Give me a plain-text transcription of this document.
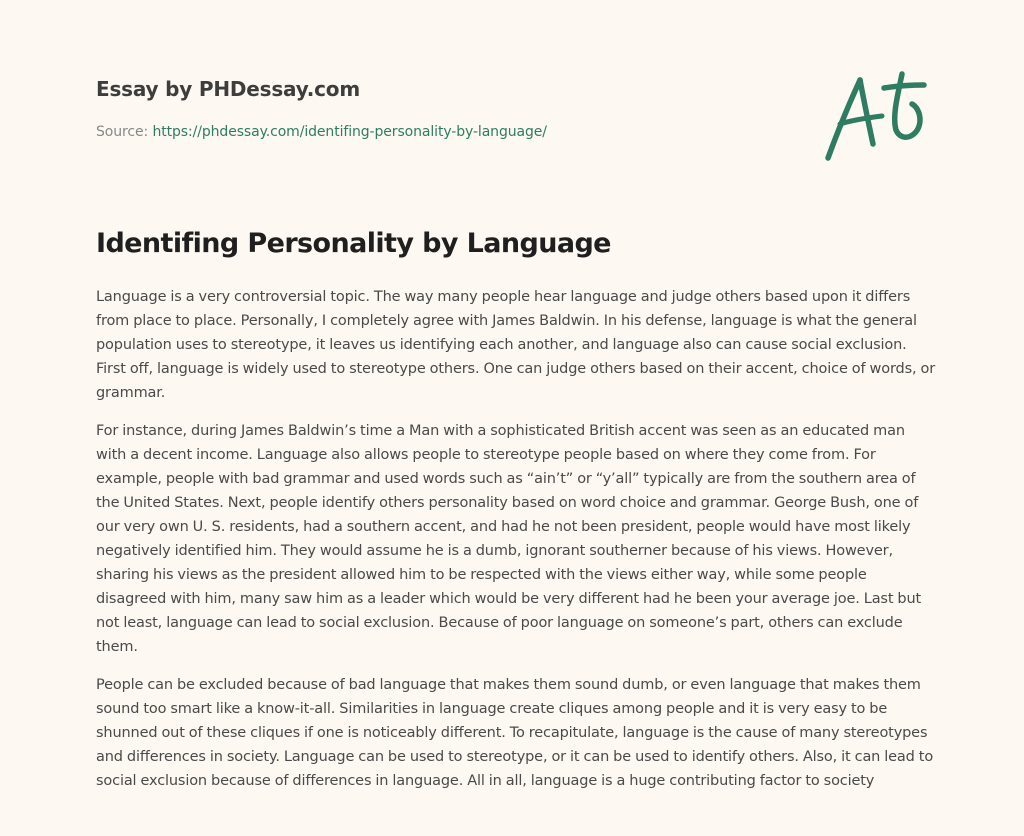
Essay by PHDessay.com

Source: https://phdessay.com/identifing-personality-by-language/

Identifing Personality by Language

Language is a very controversial topic. The way many people hear language and judge others based upon it differs from place to place. Personally, I completely agree with James Baldwin. In his defense, language is what the general population uses to stereotype, it leaves us identifying each another, and language also can cause social exclusion. First off, language is widely used to stereotype others. One can judge others based on their accent, choice of words, or grammar.

For instance, during James Baldwin’s time a Man with a sophisticated British accent was seen as an educated man with a decent income. Language also allows people to stereotype people based on where they come from. For example, people with bad grammar and used words such as “ain’t” or “y’all” typically are from the southern area of the United States. Next, people identify others personality based on word choice and grammar. George Bush, one of our very own U. S. residents, had a southern accent, and had he not been president, people would have most likely negatively identified him. They would assume he is a dumb, ignorant southerner because of his views. However, sharing his views as the president allowed him to be respected with the views either way, while some people disagreed with him, many saw him as a leader which would be very different had he been your average joe. Last but not least, language can lead to social exclusion. Because of poor language on someone’s part, others can exclude them.

People can be excluded because of bad language that makes them sound dumb, or even language that makes them sound too smart like a know-it-all. Similarities in language create cliques among people and it is very easy to be shunned out of these cliques if one is noticeably different. To recapitulate, language is the cause of many stereotypes and differences in society. Language can be used to stereotype, or it can be used to identify others. Also, it can lead to social exclusion because of differences in language. All in all, language is a huge contributing factor to society
